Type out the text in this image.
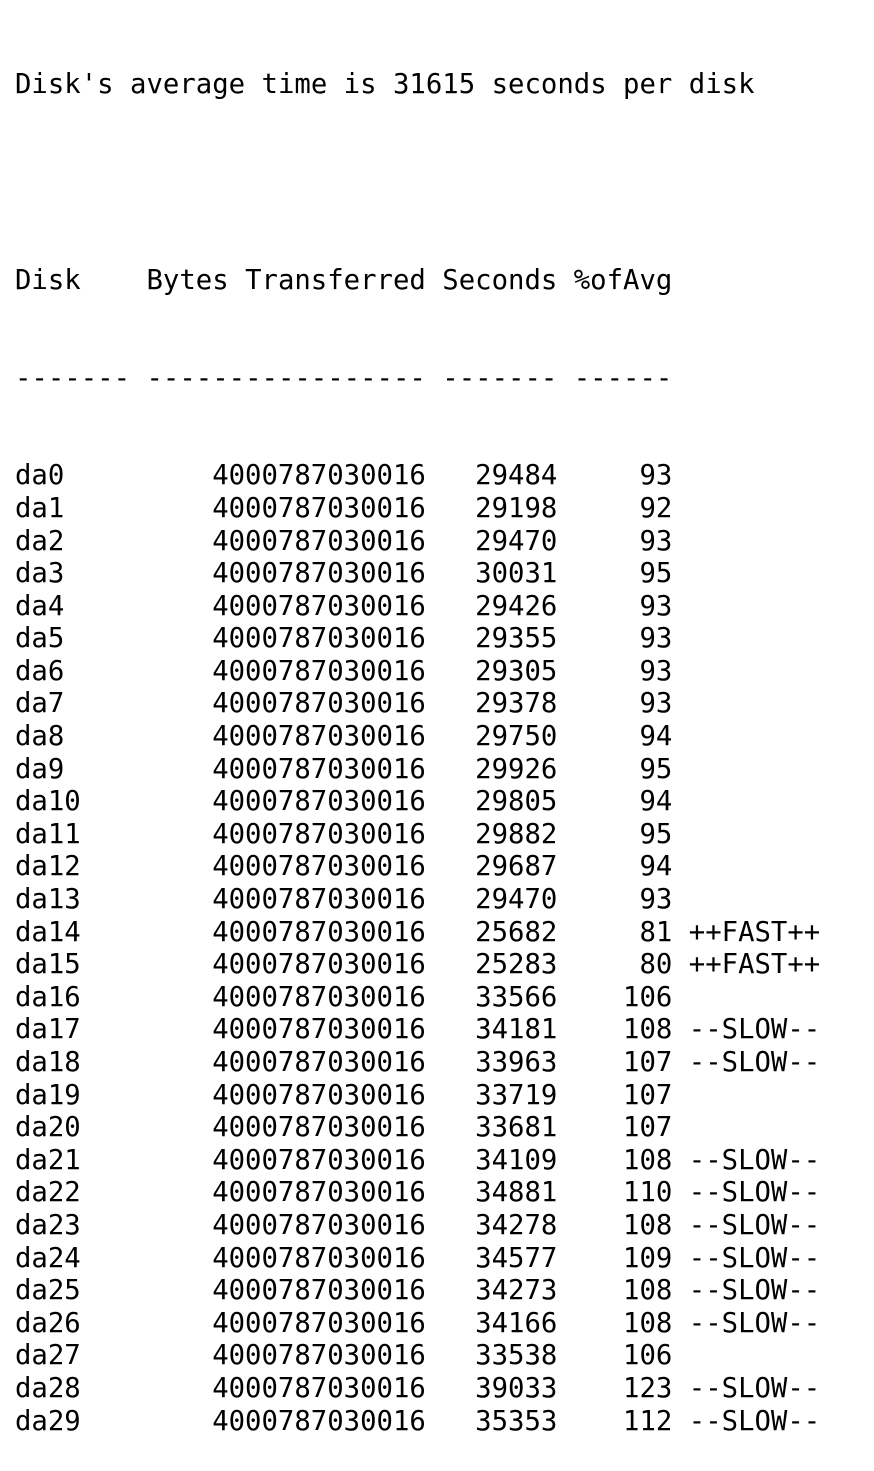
Disk's average time is 31615 seconds per disk

Disk Bytes Transferred Seconds %ofAvg

------- ----------------- ------- ------

da0	4000787030016 29484	93
da1	4000787030016 29198	92
da2	4000787030016 29470	93
da3	4000787030016 30031	95
da4	4000787030016 29426	93
da5	4000787030016 29355	93
da6	4000787030016 29305	93
da7	4000787030016 29378	93
da8	4000787030016 29750	94
da9	4000787030016 29926	95
da10	4000787030016 29805	94
da11	4000787030016 29882	95
da12	4000787030016 29687	94
da13	4000787030016 29470	93
da14	4000787030016 25682	81 ++FAST++
da15	4000787030016 25283	80 ++FAST++
da16	4000787030016 33566 106
da17	4000787030016 34181 108 --SLOW--
da18	4000787030016 33963 107 --SLOW--
da19	4000787030016 33719 107
da20	4000787030016 33681 107
da21	4000787030016 34109 108 --SLOW--
da22	4000787030016 34881 110 --SLOW--
da23	4000787030016 34278 108 --SLOW--
da24	4000787030016 34577 109 --SLOW--
da25	4000787030016 34273 108 --SLOW--
da26	4000787030016 34166 108 --SLOW--
da27	4000787030016 33538 106
da28	4000787030016 39033 123 --SLOW--
da29	4000787030016 35353 112 --SLOW--
